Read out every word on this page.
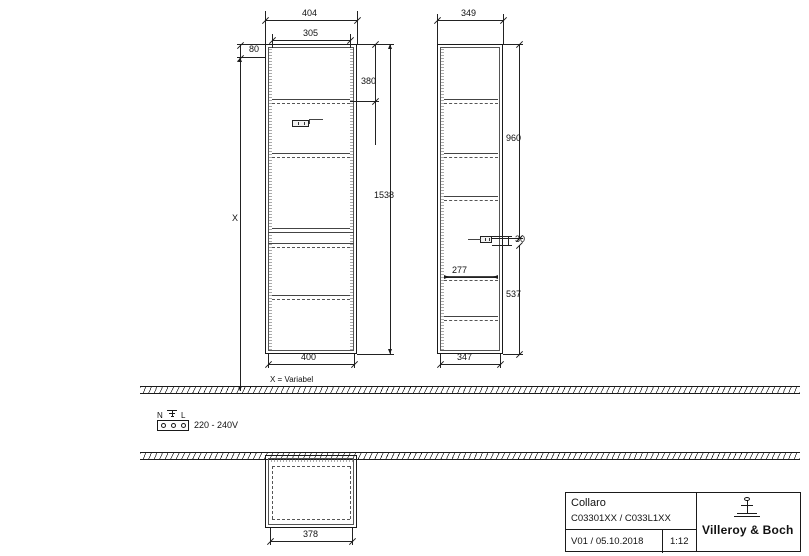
404
305
80
X
X = Variabel
380
1538
400
349
960
30
537
277
347
N L
220 - 240V
378
Collaro
C03301XX / C033L1XX
V01 / 05.10.2018	1:12
Villeroy & Boch
